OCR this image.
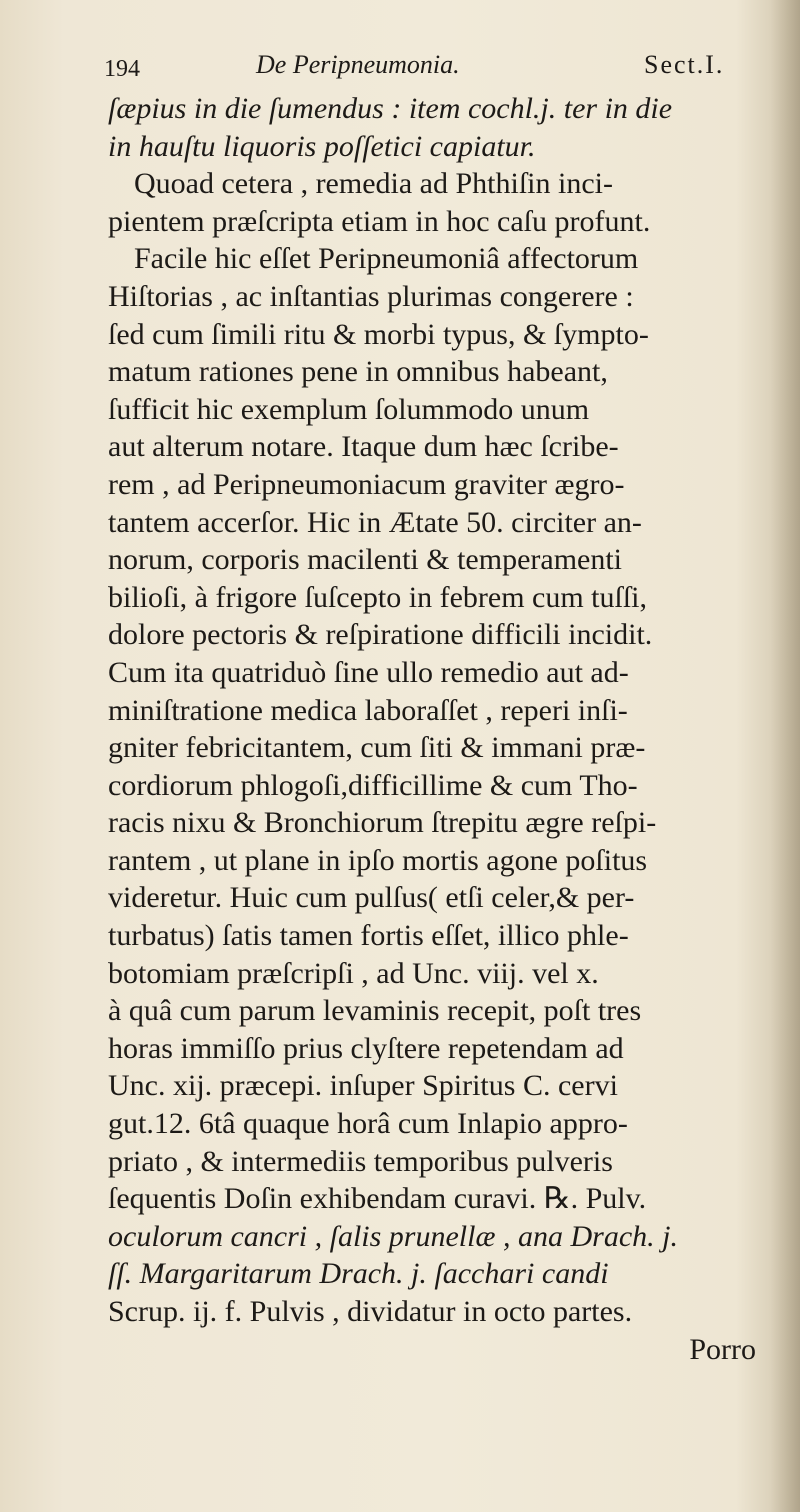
194	De Peripneumonia.	Sect.I.
ſæpius in die ſumendus : item cochl.j. ter in die
in hauſtu liquoris poſſetici capiatur.
Quoad cetera , remedia ad Phthiſin inci-
pientem præſcripta etiam in hoc caſu profunt.
Facile hic eſſet Peripneumoniâ affectorum
Hiſtorias , ac inſtantias plurimas congerere :
ſed cum ſimili ritu & morbi typus, & ſympto-
matum rationes pene in omnibus habeant,
ſufficit hic exemplum ſolummodo unum
aut alterum notare. Itaque dum hæc ſcribe-
rem , ad Peripneumoniacum graviter ægro-
tantem accerſor. Hic in Ætate 50. circiter an-
norum, corporis macilenti & temperamenti
bilioſi, à frigore ſuſcepto in febrem cum tuſſi,
dolore pectoris & reſpiratione difficili incidit.
Cum ita quatriduò ſine ullo remedio aut ad-
miniſtratione medica laboraſſet , reperi inſi-
gniter febricitantem, cum ſiti & immani præ-
cordiorum phlogoſi,difficillime & cum Tho-
racis nixu & Bronchiorum ſtrepitu ægre reſpi-
rantem , ut plane in ipſo mortis agone poſitus
videretur. Huic cum pulſus( etſi celer,& per-
turbatus) ſatis tamen fortis eſſet, illico phle-
botomiam præſcripſi , ad Unc. viij. vel x.
à quâ cum parum levaminis recepit, poſt tres
horas immiſſo prius clyſtere repetendam ad
Unc. xij. præcepi. inſuper Spiritus C. cervi
gut.12. 6tâ quaque horâ cum Inlapio appro-
priato , & intermediis temporibus pulveris
ſequentis Doſin exhibendam curavi. ℞. Pulv.
oculorum cancri , ſalis prunellæ , ana Drach. j.
ſſ. Margaritarum Drach. j. ſacchari candi
Scrup. ij. f. Pulvis , dividatur in octo partes.
Porro
